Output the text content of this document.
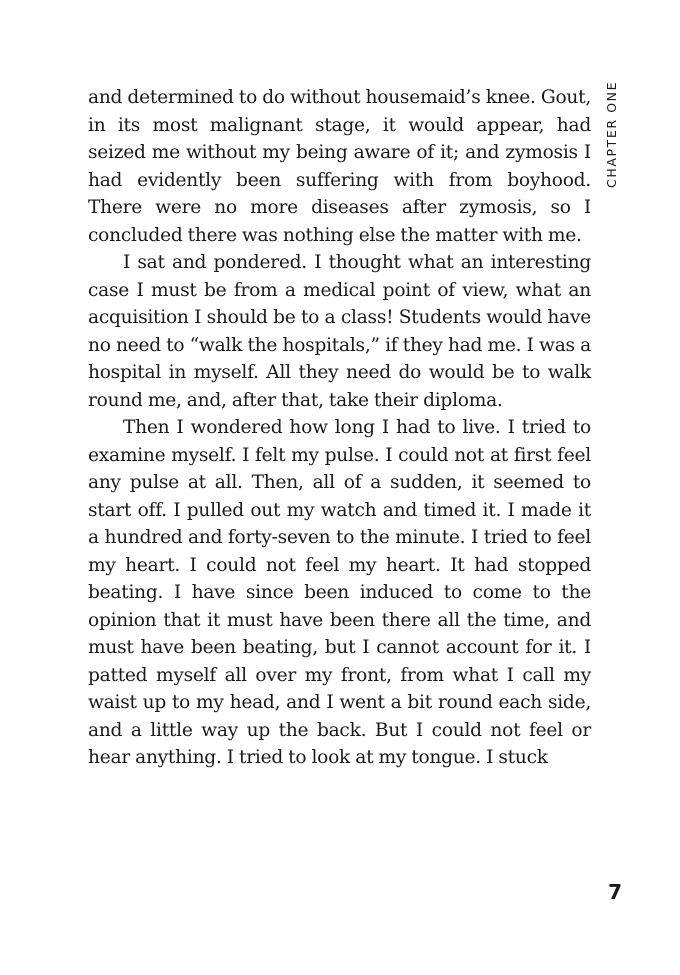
CHAPTER ONE

and determined to do without housemaid’s knee. Gout, in its most malignant stage, it would appear, had seized me without my being aware of it; and zymosis I had evidently been suffering with from boyhood. There were no more diseases after zymosis, so I concluded there was nothing else the matter with me.

I sat and pondered. I thought what an interesting case I must be from a medical point of view, what an acquisition I should be to a class! Students would have no need to “walk the hospitals,” if they had me. I was a hospital in myself. All they need do would be to walk round me, and, after that, take their diploma.

Then I wondered how long I had to live. I tried to examine myself. I felt my pulse. I could not at first feel any pulse at all. Then, all of a sudden, it seemed to start off. I pulled out my watch and timed it. I made it a hundred and forty-seven to the minute. I tried to feel my heart. I could not feel my heart. It had stopped beating. I have since been induced to come to the opinion that it must have been there all the time, and must have been beating, but I cannot account for it. I patted myself all over my front, from what I call my waist up to my head, and I went a bit round each side, and a little way up the back. But I could not feel or hear anything. I tried to look at my tongue. I stuck

7
